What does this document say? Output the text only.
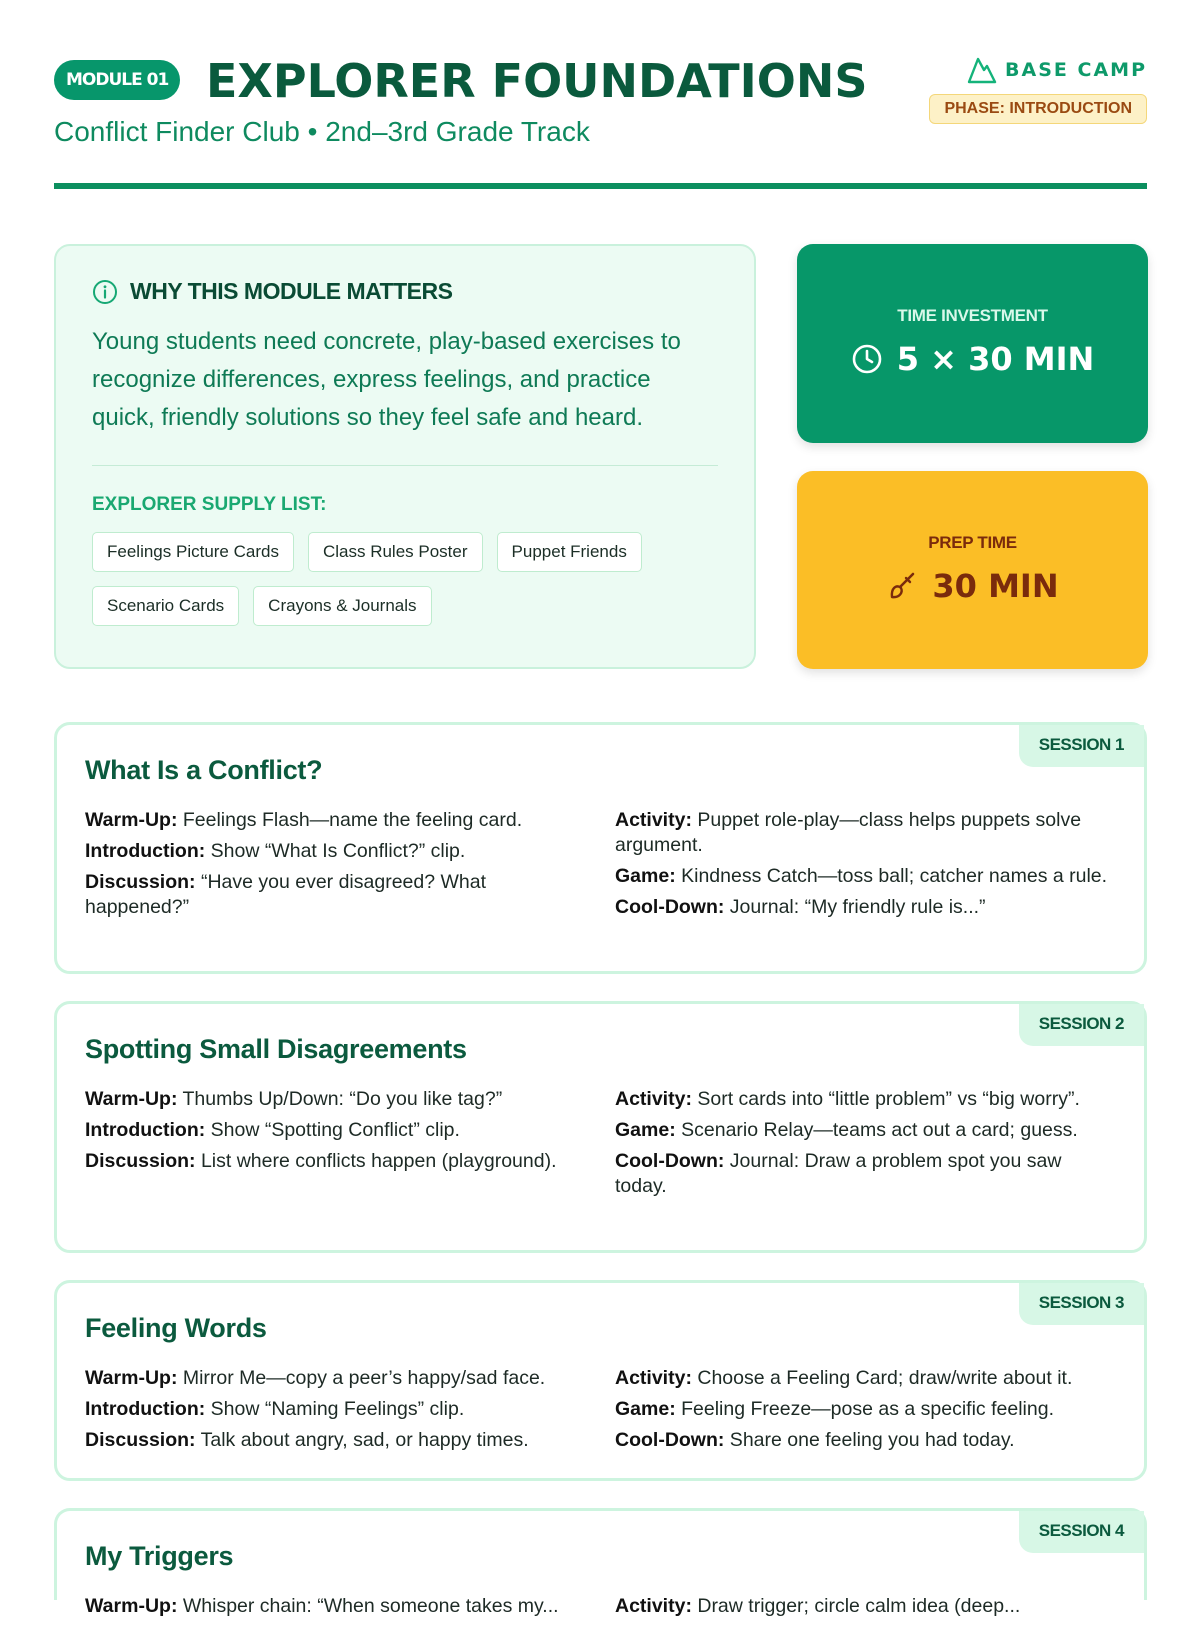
MODULE 01 EXPLORER FOUNDATIONS
Conflict Finder Club • 2nd–3rd Grade Track
BASE CAMP
PHASE: INTRODUCTION
WHY THIS MODULE MATTERS
Young students need concrete, play-based exercises to recognize differences, express feelings, and practice quick, friendly solutions so they feel safe and heard.
EXPLORER SUPPLY LIST:
Feelings Picture Cards	Class Rules Poster	Puppet Friends
Scenario Cards	Crayons & Journals
TIME INVESTMENT
5 × 30 MIN
PREP TIME
30 MIN
SESSION 1
What Is a Conflict?
Warm-Up: Feelings Flash—name the feeling card.
Introduction: Show “What Is Conflict?” clip.
Discussion: “Have you ever disagreed? What happened?”
Activity: Puppet role-play—class helps puppets solve argument.
Game: Kindness Catch—toss ball; catcher names a rule.
Cool-Down: Journal: “My friendly rule is...”
SESSION 2
Spotting Small Disagreements
Warm-Up: Thumbs Up/Down: “Do you like tag?”
Introduction: Show “Spotting Conflict” clip.
Discussion: List where conflicts happen (playground).
Activity: Sort cards into “little problem” vs “big worry”.
Game: Scenario Relay—teams act out a card; guess.
Cool-Down: Journal: Draw a problem spot you saw today.
SESSION 3
Feeling Words
Warm-Up: Mirror Me—copy a peer’s happy/sad face.
Introduction: Show “Naming Feelings” clip.
Discussion: Talk about angry, sad, or happy times.
Activity: Choose a Feeling Card; draw/write about it.
Game: Feeling Freeze—pose as a specific feeling.
Cool-Down: Share one feeling you had today.
SESSION 4
My Triggers
Warm-Up: Whisper chain: “When someone takes my...	Activity: Draw trigger; circle calm idea (deep...
